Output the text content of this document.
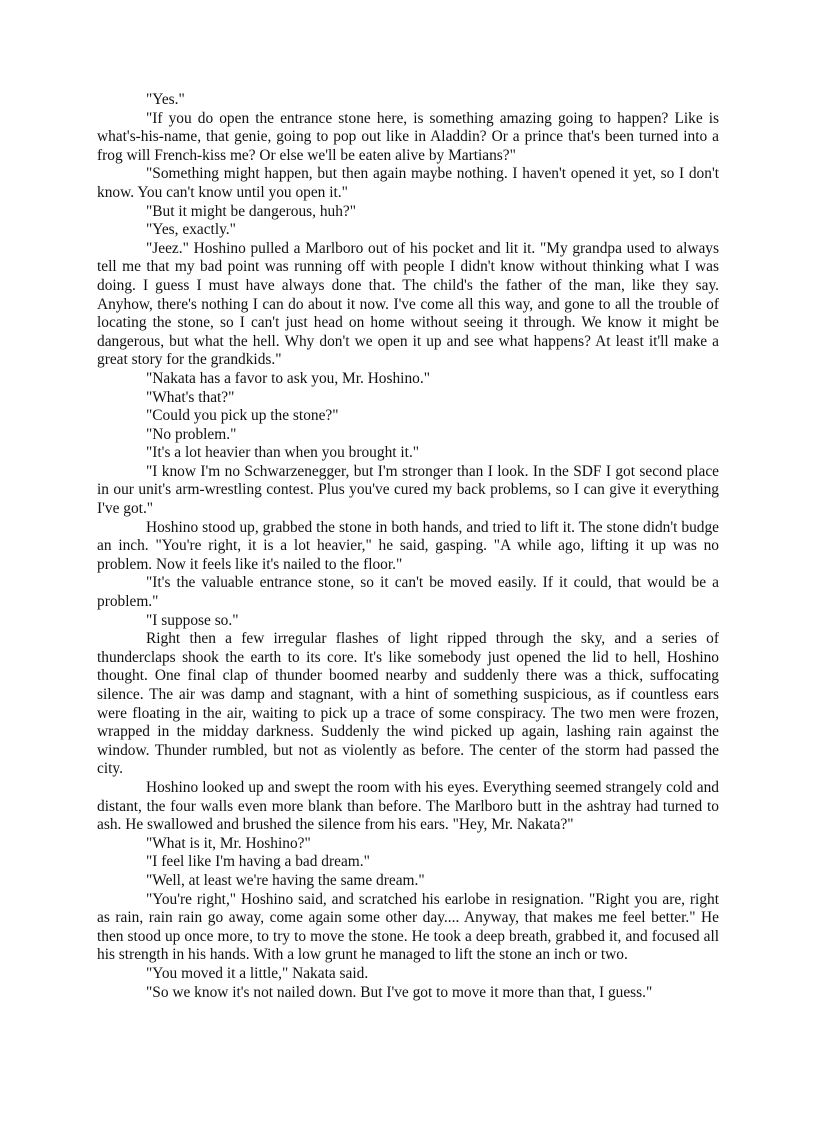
"Yes."

"If you do open the entrance stone here, is something amazing going to happen? Like is what's-his-name, that genie, going to pop out like in Aladdin? Or a prince that's been turned into a frog will French-kiss me? Or else we'll be eaten alive by Martians?"

"Something might happen, but then again maybe nothing. I haven't opened it yet, so I don't know. You can't know until you open it."

"But it might be dangerous, huh?"

"Yes, exactly."

"Jeez." Hoshino pulled a Marlboro out of his pocket and lit it. "My grandpa used to always tell me that my bad point was running off with people I didn't know without thinking what I was doing. I guess I must have always done that. The child's the father of the man, like they say. Anyhow, there's nothing I can do about it now. I've come all this way, and gone to all the trouble of locating the stone, so I can't just head on home without seeing it through. We know it might be dangerous, but what the hell. Why don't we open it up and see what happens? At least it'll make a great story for the grandkids."

"Nakata has a favor to ask you, Mr. Hoshino."

"What's that?"

"Could you pick up the stone?"

"No problem."

"It's a lot heavier than when you brought it."

"I know I'm no Schwarzenegger, but I'm stronger than I look. In the SDF I got second place in our unit's arm-wrestling contest. Plus you've cured my back problems, so I can give it everything I've got."

Hoshino stood up, grabbed the stone in both hands, and tried to lift it. The stone didn't budge an inch. "You're right, it is a lot heavier," he said, gasping. "A while ago, lifting it up was no problem. Now it feels like it's nailed to the floor."

"It's the valuable entrance stone, so it can't be moved easily. If it could, that would be a problem."

"I suppose so."

Right then a few irregular flashes of light ripped through the sky, and a series of thunderclaps shook the earth to its core. It's like somebody just opened the lid to hell, Hoshino thought. One final clap of thunder boomed nearby and suddenly there was a thick, suffocating silence. The air was damp and stagnant, with a hint of something suspicious, as if countless ears were floating in the air, waiting to pick up a trace of some conspiracy. The two men were frozen, wrapped in the midday darkness. Suddenly the wind picked up again, lashing rain against the window. Thunder rumbled, but not as violently as before. The center of the storm had passed the city.

Hoshino looked up and swept the room with his eyes. Everything seemed strangely cold and distant, the four walls even more blank than before. The Marlboro butt in the ashtray had turned to ash. He swallowed and brushed the silence from his ears. "Hey, Mr. Nakata?"

"What is it, Mr. Hoshino?"

"I feel like I'm having a bad dream."

"Well, at least we're having the same dream."

"You're right," Hoshino said, and scratched his earlobe in resignation. "Right you are, right as rain, rain rain go away, come again some other day.... Anyway, that makes me feel better." He then stood up once more, to try to move the stone. He took a deep breath, grabbed it, and focused all his strength in his hands. With a low grunt he managed to lift the stone an inch or two.

"You moved it a little," Nakata said.

"So we know it's not nailed down. But I've got to move it more than that, I guess."
